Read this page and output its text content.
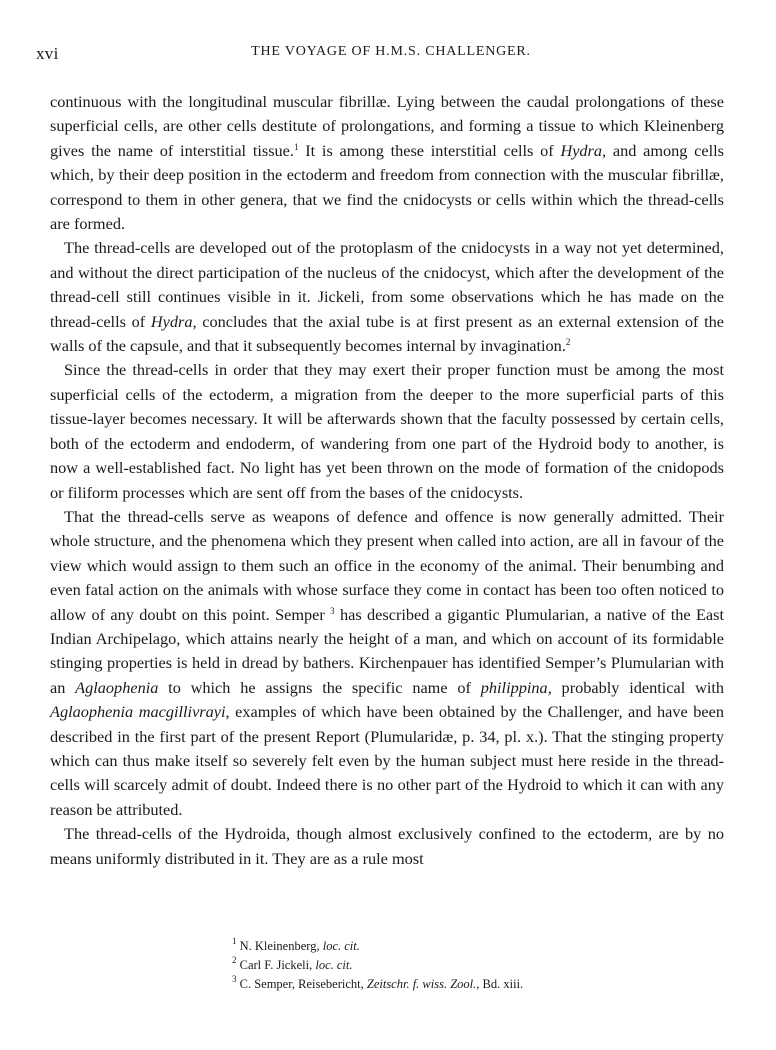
xvi	THE VOYAGE OF H.M.S. CHALLENGER.

continuous with the longitudinal muscular fibrillæ. Lying between the caudal prolongations of these superficial cells, are other cells destitute of prolongations, and forming a tissue to which Kleinenberg gives the name of interstitial tissue.$^1$ It is among these interstitial cells of Hydra, and among cells which, by their deep position in the ectoderm and freedom from connection with the muscular fibrillæ, correspond to them in other genera, that we find the cnidocysts or cells within which the thread-cells are formed.

The thread-cells are developed out of the protoplasm of the cnidocysts in a way not yet determined, and without the direct participation of the nucleus of the cnidocyst, which after the development of the thread-cell still continues visible in it. Jickeli, from some observations which he has made on the thread-cells of Hydra, concludes that the axial tube is at first present as an external extension of the walls of the capsule, and that it subsequently becomes internal by invagination.$^2$

Since the thread-cells in order that they may exert their proper function must be among the most superficial cells of the ectoderm, a migration from the deeper to the more superficial parts of this tissue-layer becomes necessary. It will be afterwards shown that the faculty possessed by certain cells, both of the ectoderm and endoderm, of wandering from one part of the Hydroid body to another, is now a well-established fact. No light has yet been thrown on the mode of formation of the cnidopods or filiform processes which are sent off from the bases of the cnidocysts.

That the thread-cells serve as weapons of defence and offence is now generally admitted. Their whole structure, and the phenomena which they present when called into action, are all in favour of the view which would assign to them such an office in the economy of the animal. Their benumbing and even fatal action on the animals with whose surface they come in contact has been too often noticed to allow of any doubt on this point. Semper $^3$ has described a gigantic Plumularian, a native of the East Indian Archipelago, which attains nearly the height of a man, and which on account of its formidable stinging properties is held in dread by bathers. Kirchenpauer has identified Semper’s Plumularian with an Aglaophenia to which he assigns the specific name of philippina, probably identical with Aglaophenia macgillivrayi, examples of which have been obtained by the Challenger, and have been described in the first part of the present Report (Plumularidæ, p. 34, pl. x.). That the stinging property which can thus make itself so severely felt even by the human subject must here reside in the thread-cells will scarcely admit of doubt. Indeed there is no other part of the Hydroid to which it can with any reason be attributed.

The thread-cells of the Hydroida, though almost exclusively confined to the ectoderm, are by no means uniformly distributed in it. They are as a rule most

$^1$ N. Kleinenberg, loc. cit.
$^2$ Carl F. Jickeli, loc. cit.
$^3$ C. Semper, Reisebericht, Zeitschr. f. wiss. Zool., Bd. xiii.
